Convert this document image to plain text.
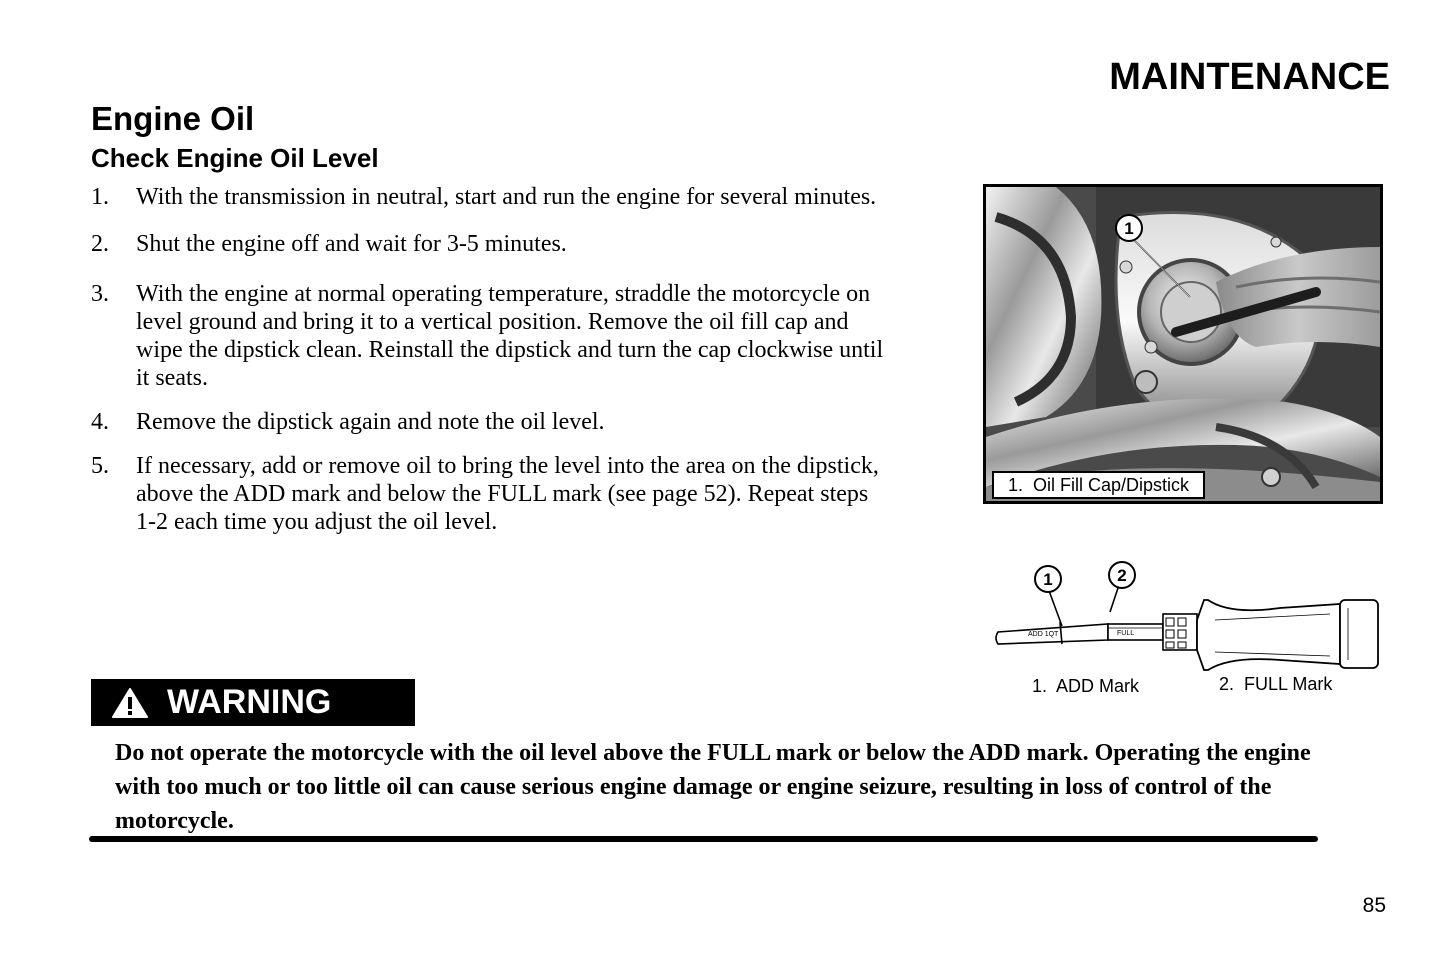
MAINTENANCE
Engine Oil
Check Engine Oil Level
1. With the transmission in neutral, start and run the engine for several minutes.
2. Shut the engine off and wait for 3-5 minutes.
3. With the engine at normal operating temperature, straddle the motorcycle on level ground and bring it to a vertical position. Remove the oil fill cap and wipe the dipstick clean. Reinstall the dipstick and turn the cap clockwise until it seats.
4. Remove the dipstick again and note the oil level.
5. If necessary, add or remove oil to bring the level into the area on the dipstick, above the ADD mark and below the FULL mark (see page 52). Repeat steps 1-2 each time you adjust the oil level.
1
1.  Oil Fill Cap/Dipstick
ADD 1QT	FULL
1	2
1.  ADD Mark	2.  FULL Mark
WARNING
Do not operate the motorcycle with the oil level above the FULL mark or below the ADD mark. Operating the engine with too much or too little oil can cause serious engine damage or engine seizure, resulting in loss of control of the motorcycle.
85
